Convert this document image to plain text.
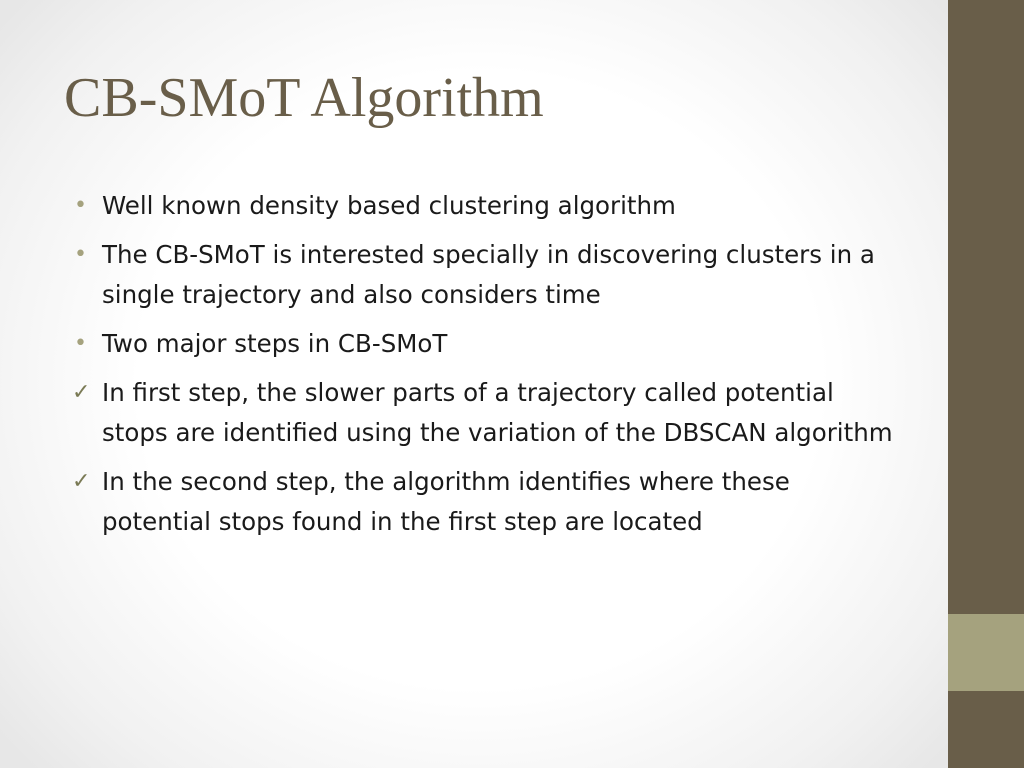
CB-SMoT Algorithm
• Well known density based clustering algorithm
• The CB-SMoT is interested specially in discovering clusters in a single trajectory and also considers time
• Two major steps in CB-SMoT
✓ In first step, the slower parts of a trajectory called potential stops are identified using the variation of the DBSCAN algorithm
✓ In the second step, the algorithm identifies where these potential stops found in the first step are located
